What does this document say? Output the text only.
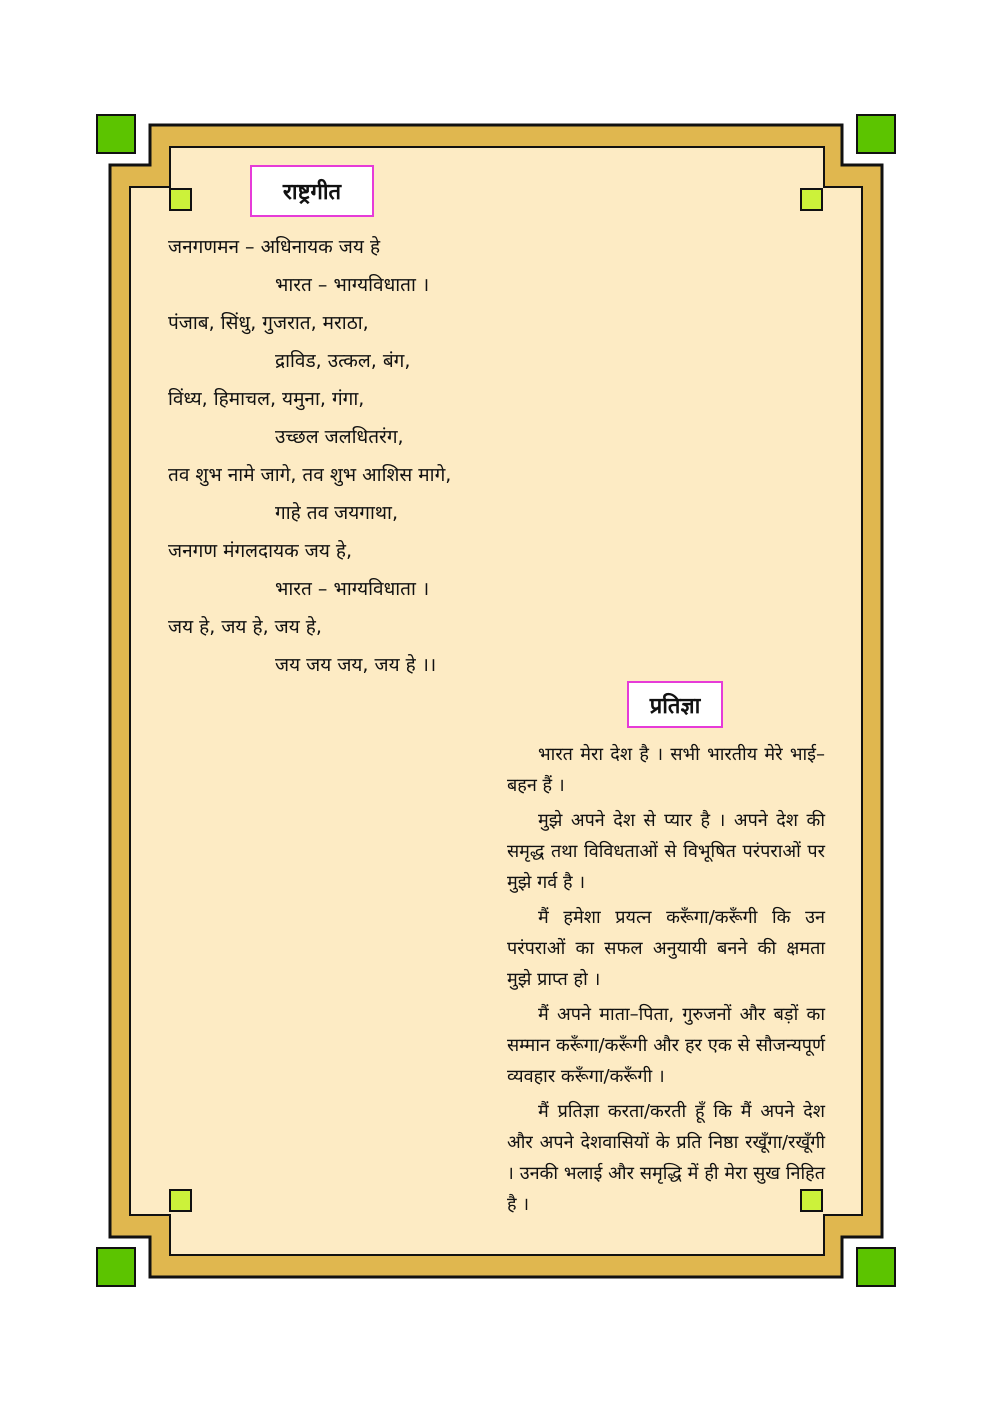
राष्ट्रगीत
जनगणमन – अधिनायक जय हे
भारत – भाग्यविधाता ।
पंजाब, सिंधु, गुजरात, मराठा,
द्राविड, उत्कल, बंग,
विंध्य, हिमाचल, यमुना, गंगा,
उच्छल जलधितरंग,
तव शुभ नामे जागे, तव शुभ आशिस मागे,
गाहे तव जयगाथा,
जनगण मंगलदायक जय हे,
भारत – भाग्यविधाता ।
जय हे, जय हे, जय हे,
जय जय जय, जय हे ।।
प्रतिज्ञा

भारत मेरा देश है । सभी भारतीय मेरे भाई–बहन हैं ।

मुझे अपने देश से प्यार है । अपने देश की समृद्ध तथा विविधताओं से विभूषित परंपराओं पर मुझे गर्व है ।

मैं हमेशा प्रयत्न करूँगा/करूँगी कि उन परंपराओं का सफल अनुयायी बनने की क्षमता मुझे प्राप्त हो ।

मैं अपने माता–पिता, गुरुजनों और बड़ों का सम्मान करूँगा/करूँगी और हर एक से सौजन्यपूर्ण व्यवहार करूँगा/करूँगी ।

मैं प्रतिज्ञा करता/करती हूँ कि मैं अपने देश और अपने देशवासियों के प्रति निष्ठा रखूँगा/रखूँगी । उनकी भलाई और समृद्धि में ही मेरा सुख निहित है ।
